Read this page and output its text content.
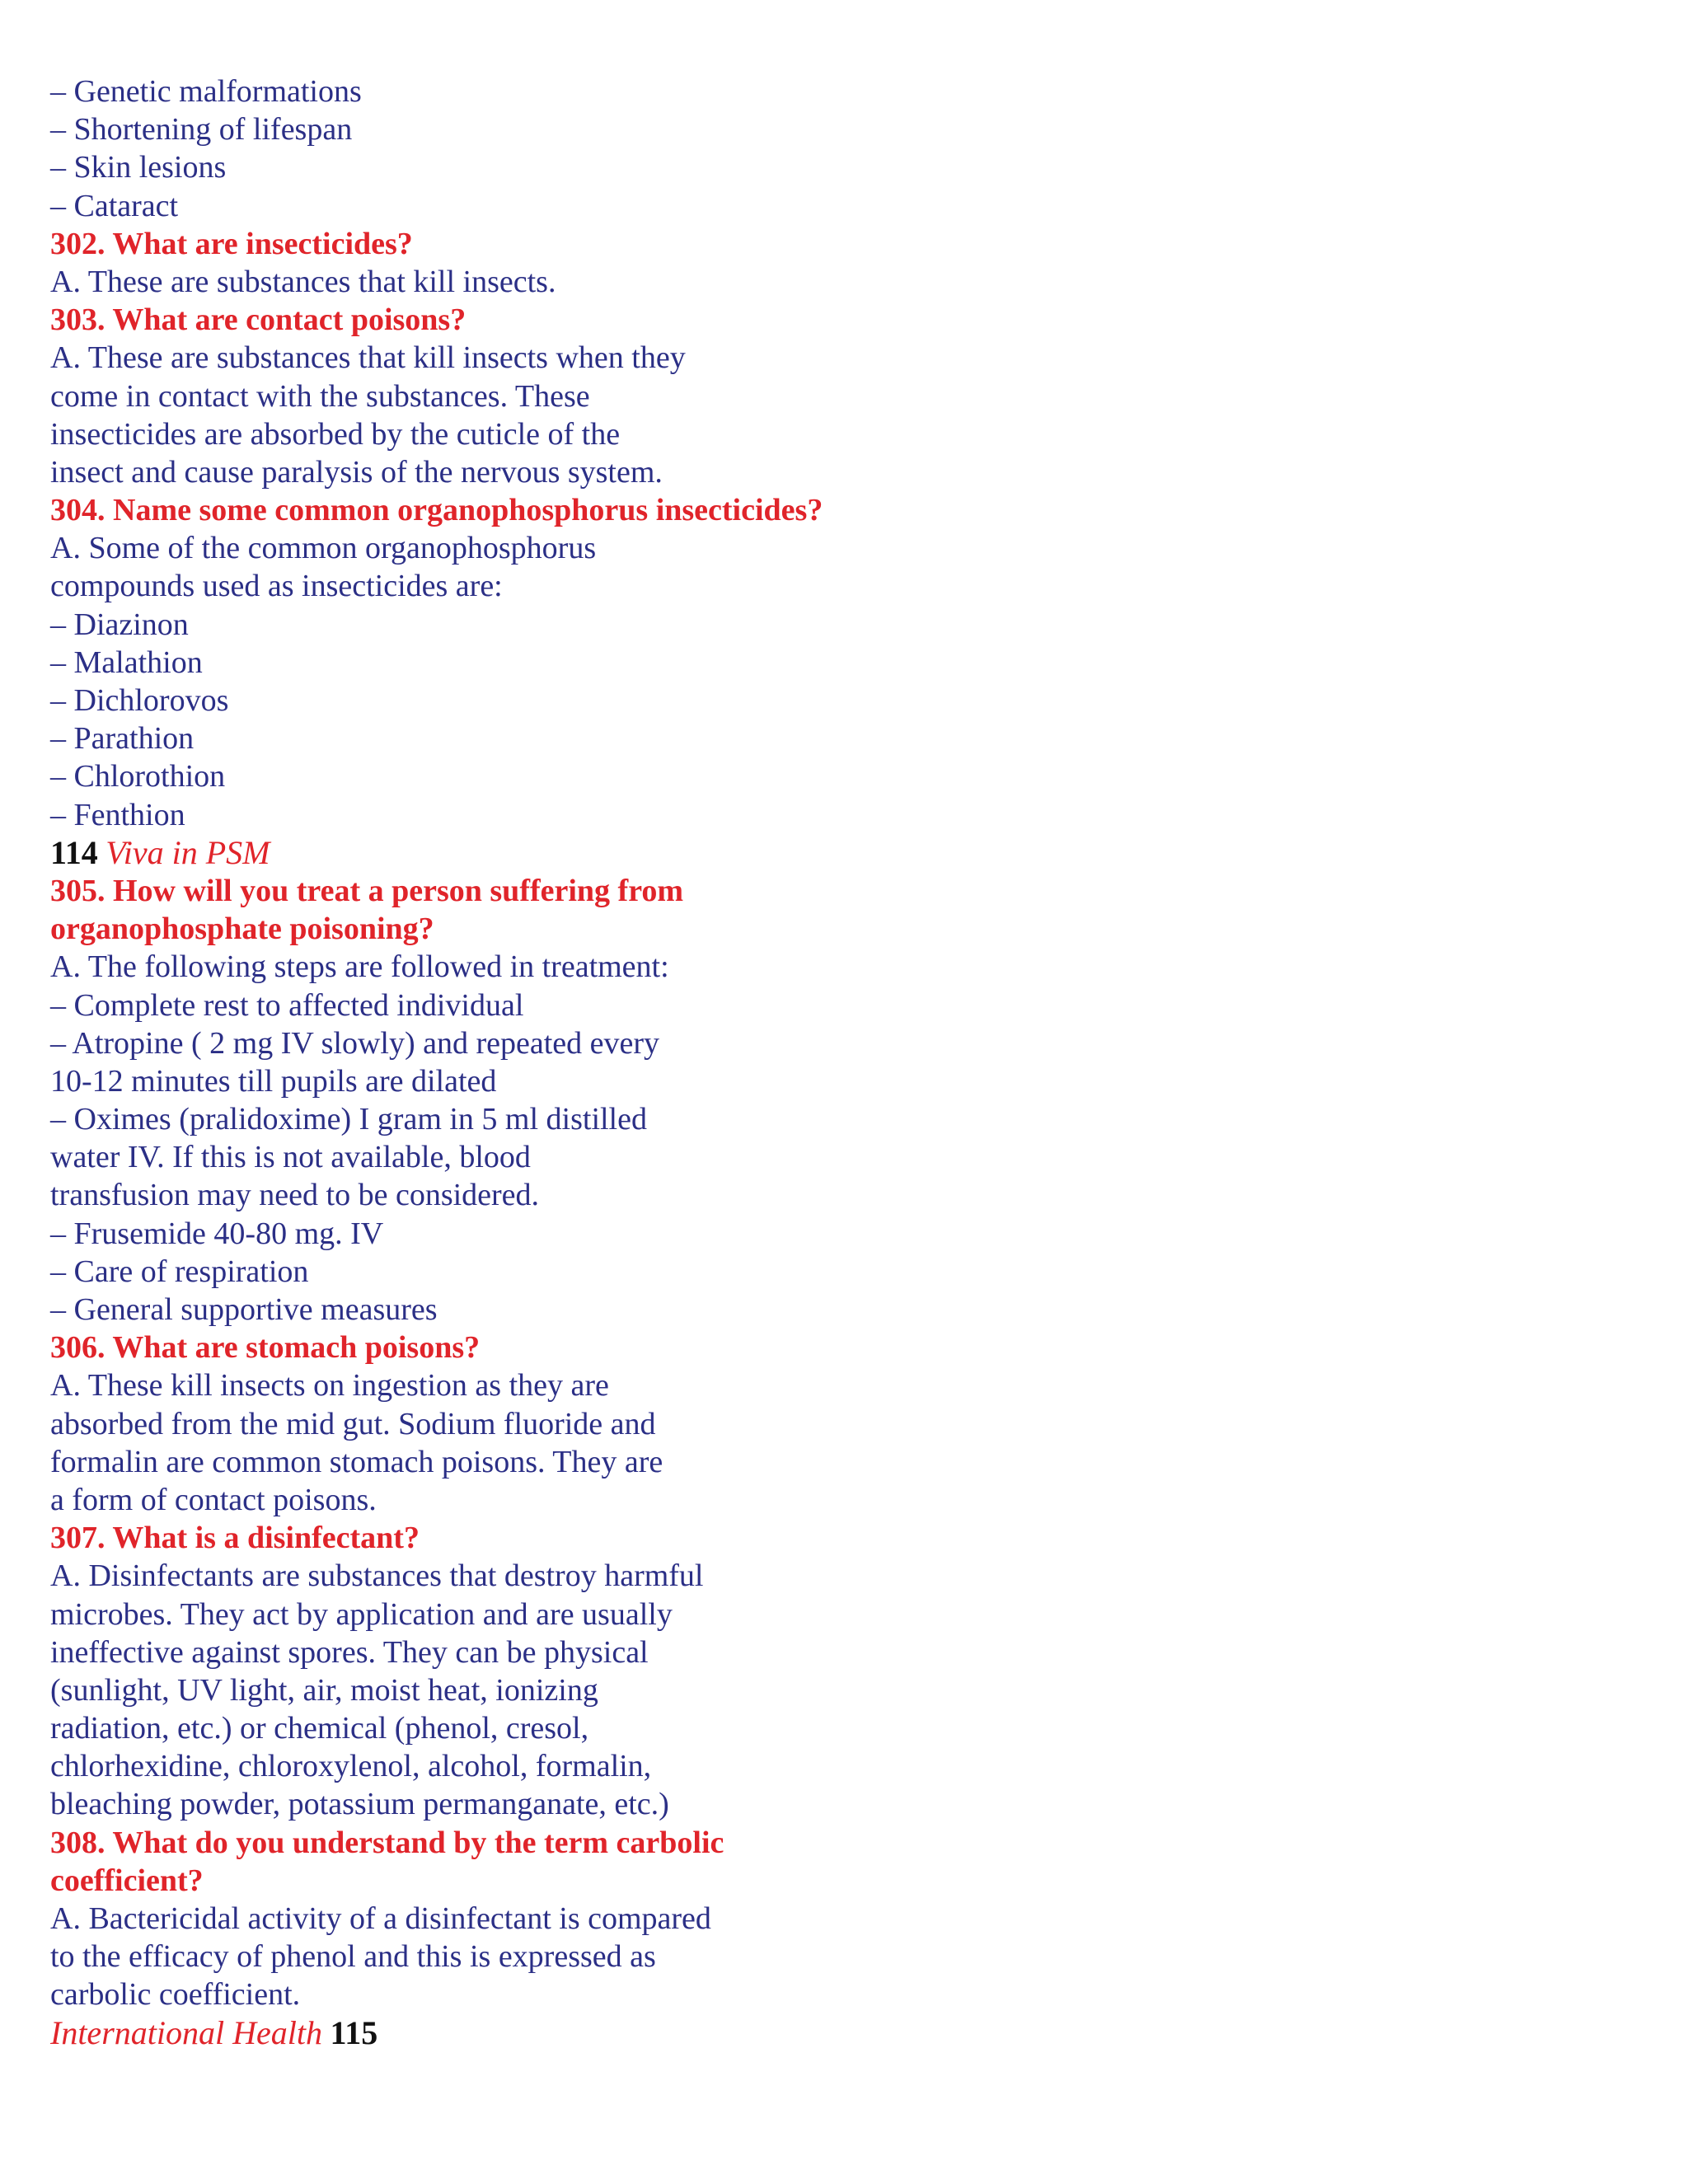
– Genetic malformations
– Shortening of lifespan
– Skin lesions
– Cataract
302. What are insecticides?
A. These are substances that kill insects.
303. What are contact poisons?
A. These are substances that kill insects when they
come in contact with the substances. These
insecticides are absorbed by the cuticle of the
insect and cause paralysis of the nervous system.
304. Name some common organophosphorus insecticides?
A. Some of the common organophosphorus
compounds used as insecticides are:
– Diazinon
– Malathion
– Dichlorovos
– Parathion
– Chlorothion
– Fenthion
114 Viva in PSM
305. How will you treat a person suffering from
organophosphate poisoning?
A. The following steps are followed in treatment:
– Complete rest to affected individual
– Atropine ( 2 mg IV slowly) and repeated every
10-12 minutes till pupils are dilated
– Oximes (pralidoxime) I gram in 5 ml distilled
water IV. If this is not available, blood
transfusion may need to be considered.
– Frusemide 40-80 mg. IV
– Care of respiration
– General supportive measures
306. What are stomach poisons?
A. These kill insects on ingestion as they are
absorbed from the mid gut. Sodium fluoride and
formalin are common stomach poisons. They are
a form of contact poisons.
307. What is a disinfectant?
A. Disinfectants are substances that destroy harmful
microbes. They act by application and are usually
ineffective against spores. They can be physical
(sunlight, UV light, air, moist heat, ionizing
radiation, etc.) or chemical (phenol, cresol,
chlorhexidine, chloroxylenol, alcohol, formalin,
bleaching powder, potassium permanganate, etc.)
308. What do you understand by the term carbolic
coefficient?
A. Bactericidal activity of a disinfectant is compared
to the efficacy of phenol and this is expressed as
carbolic coefficient.
International Health 115
